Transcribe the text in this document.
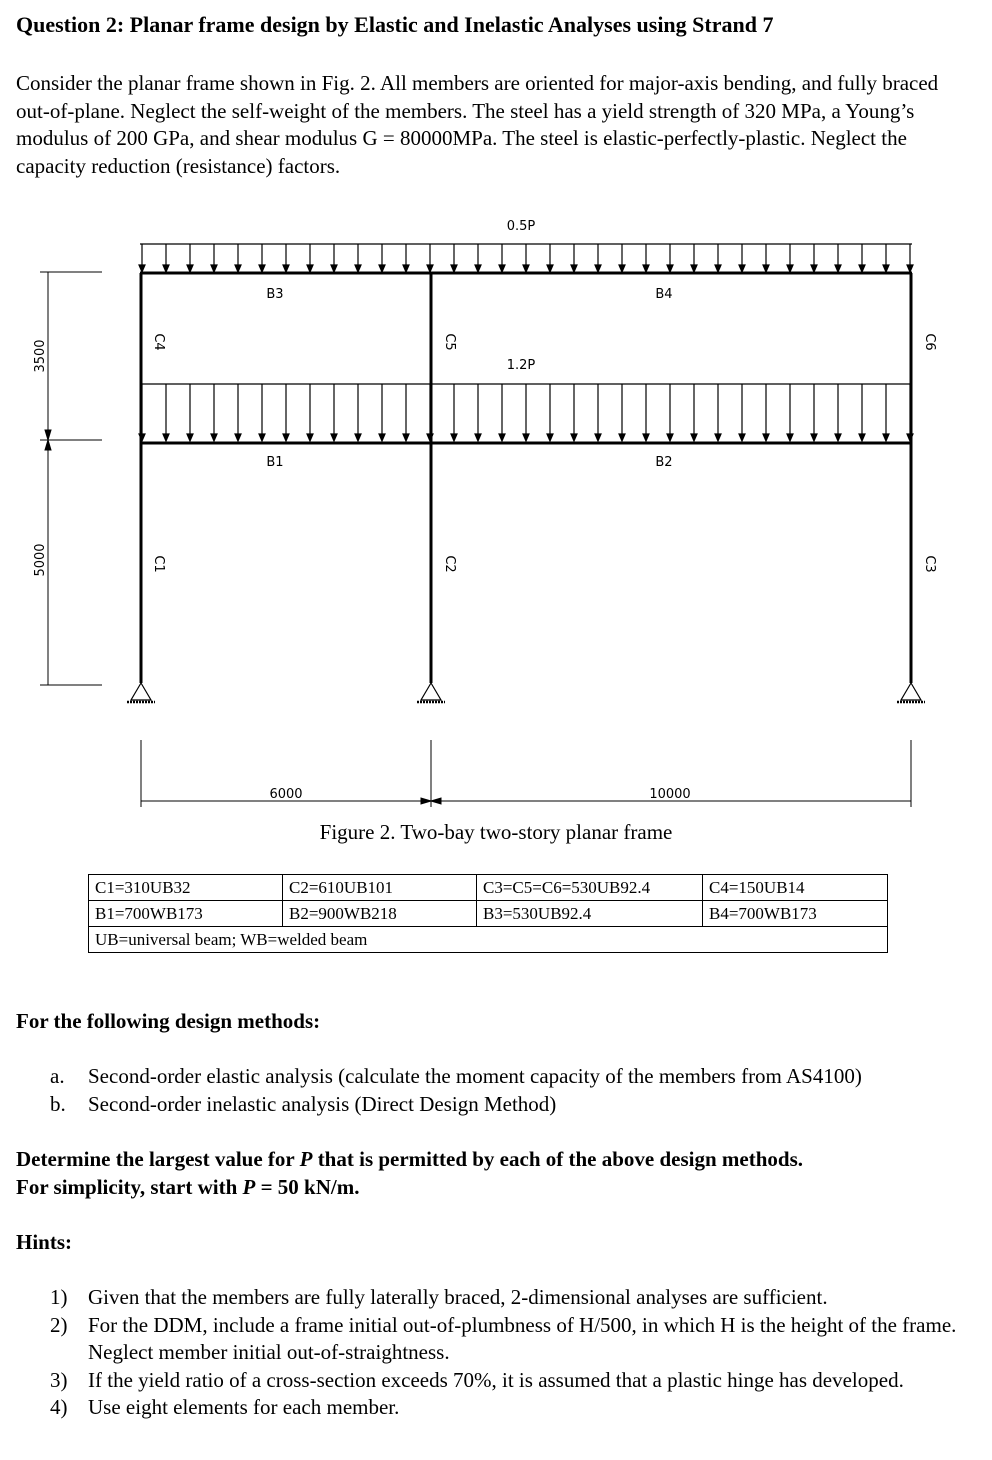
Question 2: Planar frame design by Elastic and Inelastic Analyses using Strand 7
Consider the planar frame shown in Fig. 2. All members are oriented for major-axis bending, and fully braced out-of-plane. Neglect the self-weight of the members. The steel has a yield strength of 320 MPa, a Young’s modulus of 200 GPa, and shear modulus G = 80000MPa. The steel is elastic-perfectly-plastic. Neglect the capacity reduction (resistance) factors.
0.5P
1.2P
B3	B4
B1	B2
C4	C5	C6
C1	C2	C3
3500
5000
6000	10000
Figure 2. Two-bay two-story planar frame
C1=310UB32	C2=610UB101	C3=C5=C6=530UB92.4	C4=150UB14
B1=700WB173	B2=900WB218	B3=530UB92.4	B4=700WB173
UB=universal beam; WB=welded beam			
For the following design methods:
a. Second-order elastic analysis (calculate the moment capacity of the members from AS4100)
b. Second-order inelastic analysis (Direct Design Method)
Determine the largest value for P that is permitted by each of the above design methods.
For simplicity, start with P = 50 kN/m.
Hints:
1) Given that the members are fully laterally braced, 2-dimensional analyses are sufficient.
2) For the DDM, include a frame initial out-of-plumbness of H/500, in which H is the height of the frame. Neglect member initial out-of-straightness.
3) If the yield ratio of a cross-section exceeds 70%, it is assumed that a plastic hinge has developed.
4) Use eight elements for each member.
